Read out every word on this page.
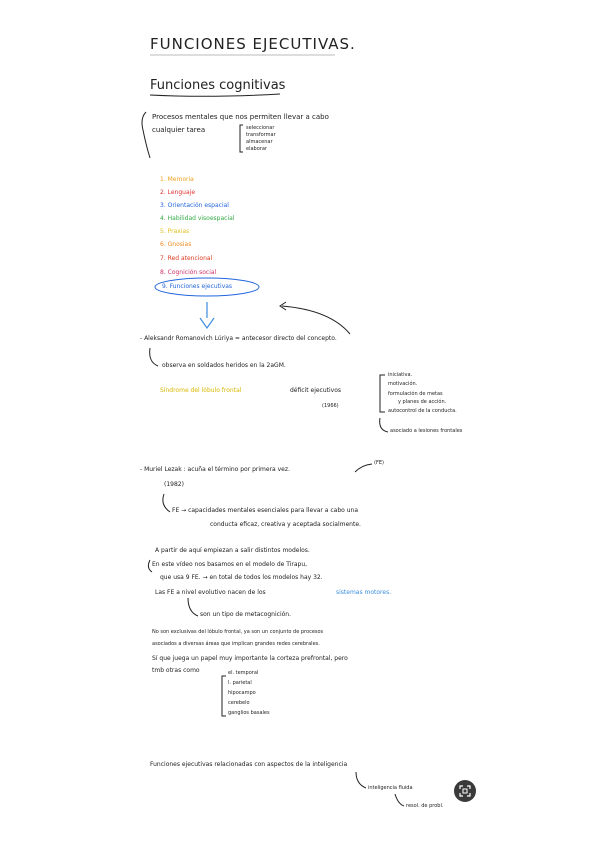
FUNCIONES EJECUTIVAS.
Funciones cognitivas
Procesos mentales que nos permiten llevar a cabo
cualquier tarea	seleccionar
transformar
almacenar
elaborar
1. Memoria
2. Lenguaje
3. Orientación espacial
4. Habilidad visoespacial
5. Praxias
6. Gnosias
7. Red atencional
8. Cognición social
9. Funciones ejecutivas
- Aleksandr Romanovich Lúriya = antecesor directo del concepto.
observa en soldados heridos en la 2aGM.
Síndrome del lóbulo frontal	déficit ejecutivos
(1966)
iniciativa.
motivación.
formulación de metas
y planes de acción.
autocontrol de la conducta.
asociado a lesiones frontales
- Muriel Lezak : acuña el término por primera vez.
(FE)
(1982)
FE → capacidades mentales esenciales para llevar a cabo una
conducta eficaz, creativa y aceptada socialmente.
A partir de aquí empiezan a salir distintos modelos.
En este vídeo nos basamos en el modelo de Tirapu,
que usa 9 FE. → en total de todos los modelos hay 32.
Las FE a nivel evolutivo nacen de los	sistemas motores.
son un tipo de metacognición.
No son exclusivas del lóbulo frontal, ya son un conjunto de procesos
asociados a diversas áreas que implican grandes redes cerebrales.
Sí que juega un papel muy importante la corteza prefrontal, pero
tmb otras como	el. temporal
l. parietal
hipocampo
cerebelo
ganglios basales
Funciones ejecutivas relacionadas con aspectos de la inteligencia
inteligencia fluida
resol. de probl.
